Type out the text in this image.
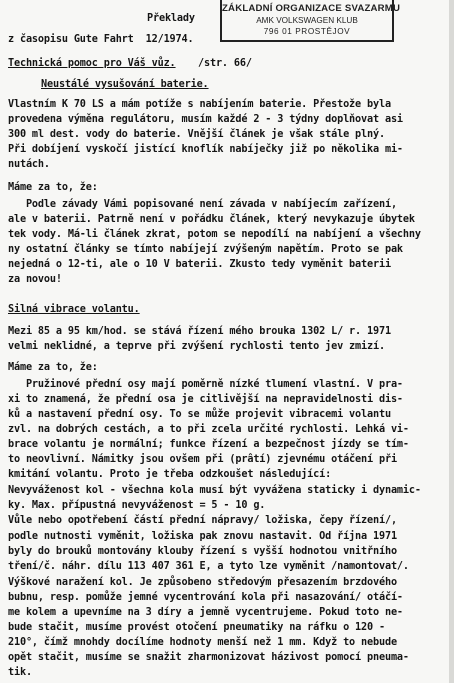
Překlady
z časopisu Gute Fahrt  12/1974.
ZÁKLADNÍ ORGANIZACE SVAZARMU
AMK VOLKSWAGEN KLUB
796 01 PROSTĚJOV
Technická pomoc pro Váš vůz. /str. 66/
Neustálé vysušování baterie.
Vlastním K 70 LS a mám potíže s nabíjením baterie. Přestože byla
provedena výměna regulátoru, musím každé 2 - 3 týdny doplňovat asi
300 ml dest. vody do baterie. Vnější článek je však stále plný.
Při dobíjení vyskočí jistící knoflík nabíječky již po několika mi-
nutách.
Máme za to, že:
Podle závady Vámi popisované není závada v nabíjecím zařízení,
ale v baterii. Patrně není v pořádku článek, který nevykazuje úbytek
tek vody. Má-li článek zkrat, potom se nepodílí na nabíjení a všechny
ny ostatní články se tímto nabíjejí zvýšeným napětím. Proto se pak
nejedná o 12-ti, ale o 10 V baterii. Zkusto tedy vyměnit baterii
za novou!
Silná vibrace volantu.
Mezi 85 a 95 km/hod. se stává řízení mého brouka 1302 L/ r. 1971
velmi neklidné, a teprve při zvýšení rychlosti tento jev zmizí.
Máme za to, že:
Pružinové přední osy mají poměrně nízké tlumení vlastní. V pra-
xi to znamená, že přední osa je citlivější na nepravidelnosti dis-
ků a nastavení přední osy. To se může projevit vibracemi volantu
zvl. na dobrých cestách, a to při zcela určité rychlosti. Lehká vi-
brace volantu je normální; funkce řízení a bezpečnost jízdy se tím-
to neovlivní. Námitky jsou ovšem při (prâtí) zjevnému otáčení při
kmitání volantu. Proto je třeba odzkoušet následující:
Nevyváženost kol - všechna kola musí být vyvážena staticky i dynamic-
ky. Max. přípustná nevyváženost = 5 - 10 g.
Vůle nebo opotřebení částí přední nápravy/ ložiska, čepy řízení/,
podle nutnosti vyměnit, ložiska pak znovu nastavit. Od října 1971
byly do brouků montovány klouby řízení s vyšší hodnotou vnitřního
tření/č. náhr. dílu 113 407 361 E, a tyto lze vyměnit /namontovat/.
Výškové naražení kol. Je způsobeno středovým přesazením brzdového
bubnu, resp. pomůže jemné vycentrování kola při nasazování/ otáčí-
me kolem a upevníme na 3 díry a jemně vycentrujeme. Pokud toto ne-
bude stačit, musíme provést otočení pneumatiky na ráfku o 120 -
210°, čímž mnohdy docílíme hodnoty menší než 1 mm. Když to nebude
opět stačit, musíme se snažit zharmonizovat házivost pomocí pneuma-
tik.
